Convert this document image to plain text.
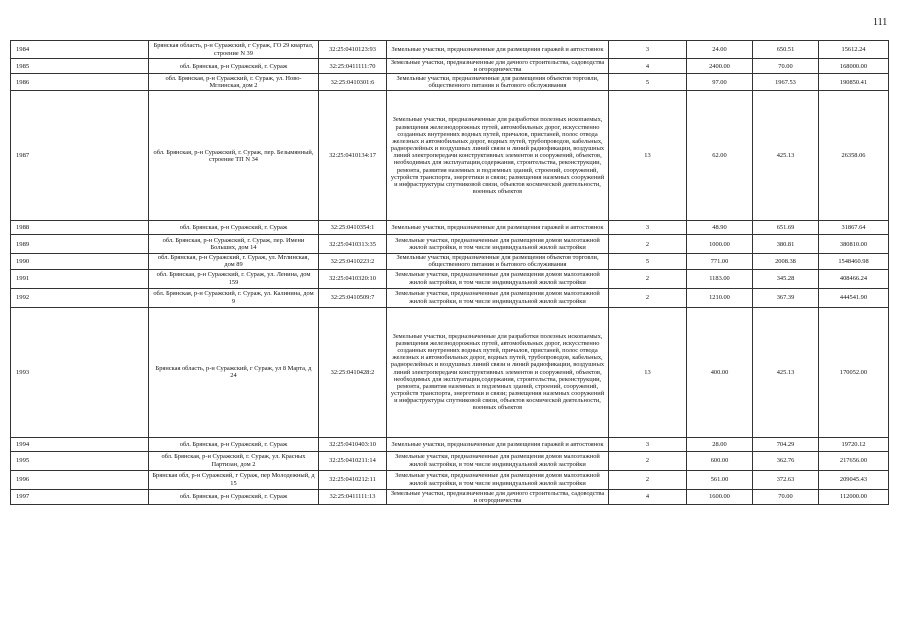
111
1984	Брянская область, р-н Суражский, г Сураж, ГО 29 квартал, строение N 39	32:25:0410123:93	Земельные участки, предназначенные для размещения гаражей и автостоянок	3	24.00	650.51	15612.24
1985	обл. Брянская, р-н Суражский, г. Сураж	32:25:0411111:70	Земельные участки, предназначенные для дачного строительства, садоводства и огородничества	4	2400.00	70.00	168000.00
1986	обл. Брянская, р-н Суражский, г. Сураж, ул. Ново-Мглинская, дом 2	32:25:0410301:6	Земельные участки, предназначенные для размещения объектов торговли, общественного питания и бытового обслуживания	5	97.00	1967.53	190850.41
1987	обл. Брянская, р-н Суражский, г. Сураж, пер. Безымянный, строение ТП N 34	32:25:0410134:17	Земельные участки, предназначенные для разработки полезных ископаемых, размещения железнодорожных путей, автомобильных дорог, искусственно созданных внутренних водных путей, причалов, пристаней, полос отвода железных и автомобильных дорог, водных путей, трубопроводов, кабельных, радиорелейных и воздушных линий связи и линий радиофикации, воздушных линий электропередачи конструктивных элементов и сооружений, объектов, необходимых для эксплуатации,содержания, строительства, реконструкции, ремонта, развития наземных и подземных зданий, строений, сооружений, устройств транспорта, энергетики и связи; размещения наземных сооружений и инфраструктуры спутниковой связи, объектов космической деятельности, военных объектов	13	62.00	425.13	26358.06
1988	обл. Брянская, р-н Суражский, г. Сураж	32:25:0410354:1	Земельные участки, предназначенные для размещения гаражей и автостоянок	3	48.90	651.69	31867.64
1989	обл. Брянская, р-н Суражский, г. Сураж, пер. Имени Больших, дом 14	32:25:0410313:35	Земельные участки, предназначенные для размещения домов малоэтажной жилой застройки, в том числе индивидуальной жилой застройки	2	1000.00	380.81	380810.00
1990	обл. Брянская, р-н Суражский, г. Сураж, ул. Мглинская, дом 89	32:25:0410223:2	Земельные участки, предназначенные для размещения объектов торговли, общественного питания и бытового обслуживания	5	771.00	2008.38	1548460.98
1991	обл. Брянская, р-н Суражский, г. Сураж, ул. Ленина, дом 159	32:25:0410320:10	Земельные участки, предназначенные для размещения домов малоэтажной жилой застройки, в том числе индивидуальной жилой застройки	2	1183.00	345.28	408466.24
1992	обл. Брянская, р-н Суражский, г. Сураж, ул. Калинина, дом 9	32:25:0410509:7	Земельные участки, предназначенные для размещения домов малоэтажной жилой застройки, в том числе индивидуальной жилой застройки	2	1210.00	367.39	444541.90
1993	Брянская область, р-н Суражский, г Сураж, ул 8 Марта, д 24	32:25:0410428:2	Земельные участки, предназначенные для разработки полезных ископаемых, размещения железнодорожных путей, автомобильных дорог, искусственно созданных внутренних водных путей, причалов, пристаней, полос отвода железных и автомобильных дорог, водных путей, трубопроводов, кабельных, радиорелейных и воздушных линий связи и линий радиофикации, воздушных линий электропередачи конструктивных элементов и сооружений, объектов, необходимых для эксплуатации,содержания, строительства, реконструкции, ремонта, развития наземных и подземных зданий, строений, сооружений, устройств транспорта, энергетики и связи; размещения наземных сооружений и инфраструктуры спутниковой связи, объектов космической деятельности, военных объектов	13	400.00	425.13	170052.00
1994	обл. Брянская, р-н Суражский, г. Сураж	32:25:0410403:10	Земельные участки, предназначенные для размещения гаражей и автостоянок	3	28.00	704.29	19720.12
1995	обл. Брянская, р-н Суражский, г. Сураж, ул. Красных Партизан, дом 2	32:25:0410211:14	Земельные участки, предназначенные для размещения домов малоэтажной жилой застройки, в том числе индивидуальной жилой застройки	2	600.00	362.76	217656.00
1996	Брянская обл, р-н Суражский, г Сураж, пер Молодежный, д 15	32:25:0410212:11	Земельные участки, предназначенные для размещения домов малоэтажной жилой застройки, в том числе индивидуальной жилой застройки	2	561.00	372.63	209045.43
1997	обл. Брянская, р-н Суражский, г. Сураж	32:25:0411111:13	Земельные участки, предназначенные для дачного строительства, садоводства и огородничества	4	1600.00	70.00	112000.00
